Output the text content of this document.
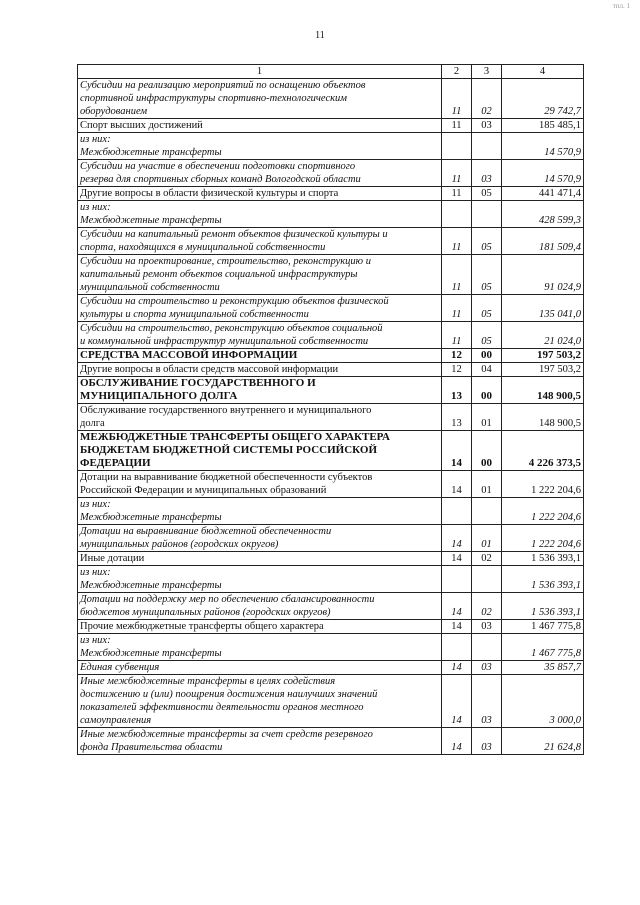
тпл. 1
11
1	2	3	4

Субсидии на реализацию мероприятий по оснащению объектов
спортивной инфраструктуры спортивно-технологическим
оборудованием	11	02	29 742,7

Спорт высших достижений	11	03	185 485,1

из них:
Межбюджетные трансферты			14 570,9

Субсидии на участие в обеспечении подготовки спортивного
резерва для спортивных сборных команд Вологодской области	11	03	14 570,9

Другие вопросы в области физической культуры и спорта	11	05	441 471,4

из них:
Межбюджетные трансферты			428 599,3

Субсидии на капитальный ремонт объектов физической культуры и
спорта, находящихся в муниципальной собственности	11	05	181 509,4

Субсидии на проектирование, строительство, реконструкцию и
капитальный ремонт объектов социальной инфраструктуры
муниципальной собственности	11	05	91 024,9

Субсидии на строительство и реконструкцию объектов физической
культуры и спорта муниципальной собственности	11	05	135 041,0

Субсидии на строительство, реконструкцию объектов социальной
и коммунальной инфраструктур муниципальной собственности	11	05	21 024,0

СРЕДСТВА МАССОВОЙ ИНФОРМАЦИИ	12	00	197 503,2

Другие вопросы в области средств массовой информации	12	04	197 503,2

ОБСЛУЖИВАНИЕ ГОСУДАРСТВЕННОГО И
МУНИЦИПАЛЬНОГО ДОЛГА	13	00	148 900,5

Обслуживание государственного внутреннего и муниципального
долга	13	01	148 900,5

МЕЖБЮДЖЕТНЫЕ ТРАНСФЕРТЫ ОБЩЕГО ХАРАКТЕРА
БЮДЖЕТАМ БЮДЖЕТНОЙ СИСТЕМЫ РОССИЙСКОЙ
ФЕДЕРАЦИИ	14	00	4 226 373,5

Дотации на выравнивание бюджетной обеспеченности субъектов
Российской Федерации и муниципальных образований	14	01	1 222 204,6

из них:
Межбюджетные трансферты			1 222 204,6

Дотации на выравнивание бюджетной обеспеченности
муниципальных районов (городских округов)	14	01	1 222 204,6

Иные дотации	14	02	1 536 393,1

из них:
Межбюджетные трансферты			1 536 393,1

Дотации на поддержку мер по обеспечению сбалансированности
бюджетов муниципальных районов (городских округов)	14	02	1 536 393,1

Прочие межбюджетные трансферты общего характера	14	03	1 467 775,8

из них:
Межбюджетные трансферты			1 467 775,8

Единая субвенция	14	03	35 857,7

Иные межбюджетные трансферты в целях содействия
достижению и (или) поощрения достижения наилучших значений
показателей эффективности деятельности органов местного
самоуправления	14	03	3 000,0

Иные межбюджетные трансферты за счет средств резервного
фонда Правительства области	14	03	21 624,8
